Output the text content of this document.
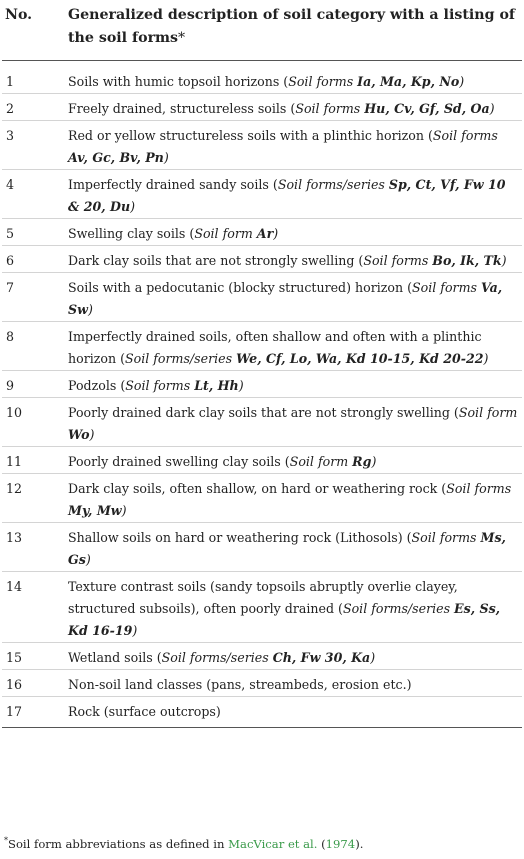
No.	Generalized description of soil category with a listing of the soil forms*
1	Soils with humic topsoil horizons (Soil forms Ia, Ma, Kp, No)
2	Freely drained, structureless soils (Soil forms Hu, Cv, Gf, Sd, Oa)
3	Red or yellow structureless soils with a plinthic horizon (Soil forms Av, Gc, Bv, Pn)
4	Imperfectly drained sandy soils (Soil forms/series Sp, Ct, Vf, Fw 10 & 20, Du)
5	Swelling clay soils (Soil form Ar)
6	Dark clay soils that are not strongly swelling (Soil forms Bo, Ik, Tk)
7	Soils with a pedocutanic (blocky structured) horizon (Soil forms Va, Sw)
8	Imperfectly drained soils, often shallow and often with a plinthic horizon (Soil forms/series We, Cf, Lo, Wa, Kd 10-15, Kd 20-22)
9	Podzols (Soil forms Lt, Hh)
10	Poorly drained dark clay soils that are not strongly swelling (Soil form Wo)
11	Poorly drained swelling clay soils (Soil form Rg)
12	Dark clay soils, often shallow, on hard or weathering rock (Soil forms My, Mw)
13	Shallow soils on hard or weathering rock (Lithosols) (Soil forms Ms, Gs)
14	Texture contrast soils (sandy topsoils abruptly overlie clayey, structured subsoils), often poorly drained (Soil forms/series Es, Ss, Kd 16-19)
15	Wetland soils (Soil forms/series Ch, Fw 30, Ka)
16	Non-soil land classes (pans, streambeds, erosion etc.)
17	Rock (surface outcrops)
*Soil form abbreviations as defined in MacVicar et al. (1974).
